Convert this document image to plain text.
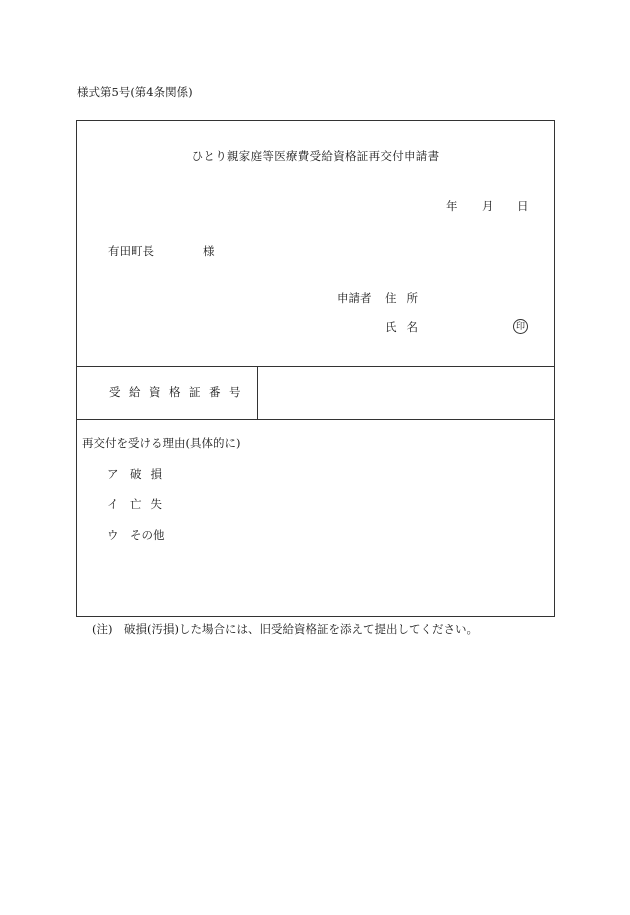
様式第5号(第4条関係)
ひとり親家庭等医療費受給資格証再交付申請書
年 月 日
有田町長	様
申請者 住所
氏名	印
受給資格証番号
再交付を受ける理由(具体的に)
ア 破損
イ 亡失
ウ その他
(注)　破損(汚損)した場合には、旧受給資格証を添えて提出してください。
